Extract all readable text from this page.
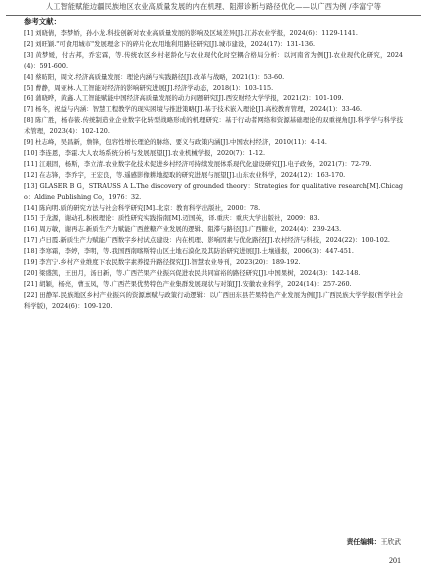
人工智能赋能边疆民族地区农业高质量发展的内在机理、阻滞诊断与路径优化——以广西为例 /李富宁等
参考文献：

[1] 刘晓倩，李梦娇，孙小龙.科技创新对农业高质量发展的影响及区域差异[J].江苏农业学报，2024(6)：1129-1141.

[2] 刘旺颖."可食用城市"发展理念下的碎片化农用地利用路径研究[J].城市建设，2024(17)：131-136.

[3] 黄梦媛，付古邦，乔宏霖，等.传统农区乡村老龄化与农业现代化时空耦合格局分析：以河南省为例[J].农业现代化研究，2024(4)：591-600.

[4] 蔡昉阳，周文.经济高质量发展：理论内涵与实践路径[J].改革与战略，2021(1)：53-60.

[5] 曹静，周亚林.人工智能对经济的影响研究进展[J].经济学动态，2018(1)：103-115.

[6] 蒲晓晔，黄鑫.人工智能赋能中国经济高质量发展的动力问题研究[J].西安财经大学学报，2021(2)：101-109.

[7] 杨冬，祝益与内涵：智慧工程教学的现实困境与推进策略[J].基于技术嵌入理论[J].高校教育管理，2024(1)：33-46.

[8] 陈广胜，杨春筱.传统制造业企业数字化转型战略形成的机理研究：基于行动者网络和资源基础理论的双重视角[J].科学学与科学技术管理，2023(4)：102-120.

[9] 杜志峰，吴昌新，詹锋，包容性增长理论的脉络、要义与政策内涵[J].中国农村经济，2010(11)：4-14.

[10] 李连恩，李霍.大人农场系统分析与发展展望[J].农业机械学报，2020(7)：1-12.

[11] 江艰固，杨斯，李立清.农业数字化技术促进乡村经济可持续发展体系现代化建设研究[J].电子政务，2021(7)：72-79.

[12] 在志锋，李乔宇，王宏良，等.遥感影像耕地提取的研究进展与展望[J].山东农业科学，2024(12)：163-170.

[13] GLASER B G，STRAUSS A L.The discovery of grounded theory：Strategies for qualitative research[M].Chicago：Aldine Publishing Co，1976：32.

[14] 陈向明.质的研究方法与社会科学研究[M].北京：教育科学出版社，2000：78.

[15] 于龙源，谢动孔.积极理论：质性研究实践指南[M].迈国英，译.重庆：重庆大学出版社，2009：83.

[16] 周万敏，谢再志.新质生产力赋能广西蔗糖产业发展的逻辑、阻滞与路径[J].广西糖业，2024(4)：239-243.

[17] 卢日霞.新质生产力赋能广西数字乡村试点建设：内在机理、影响因素与优化路径[J].农村经济与科技，2024(22)：100-102.

[18] 李寒霜，李婷，李明，等.我国西南喀斯特山区土地石漠化及其防治研究进展[J].土壤通报，2006(3)：447-451.

[19] 李宫宁.乡村产业维度下农民数字素养提升路径探究[J].智慧农业导刊，2023(20)：189-192.

[20] 梁盛凯，王田月，汤日新，等.广西芒果产业振兴促进农民共同富裕的路径研究[J].中国果树，2024(3)：142-148.

[21] 胡颖，杨亮，曹玉凤，等.广西芒果优势特色产业集群发展现状与对策[J].安徽农业科学，2024(14)：257-260.

[22] 田静军.民族地区乡村产业振兴的资源禀赋与政策行动逻辑：以广西田东县芒果特色产业发展为例[J].广西民族大学学报(哲学社会科学版)，2024(6)：109-120.

责任编辑：王欣武
201
